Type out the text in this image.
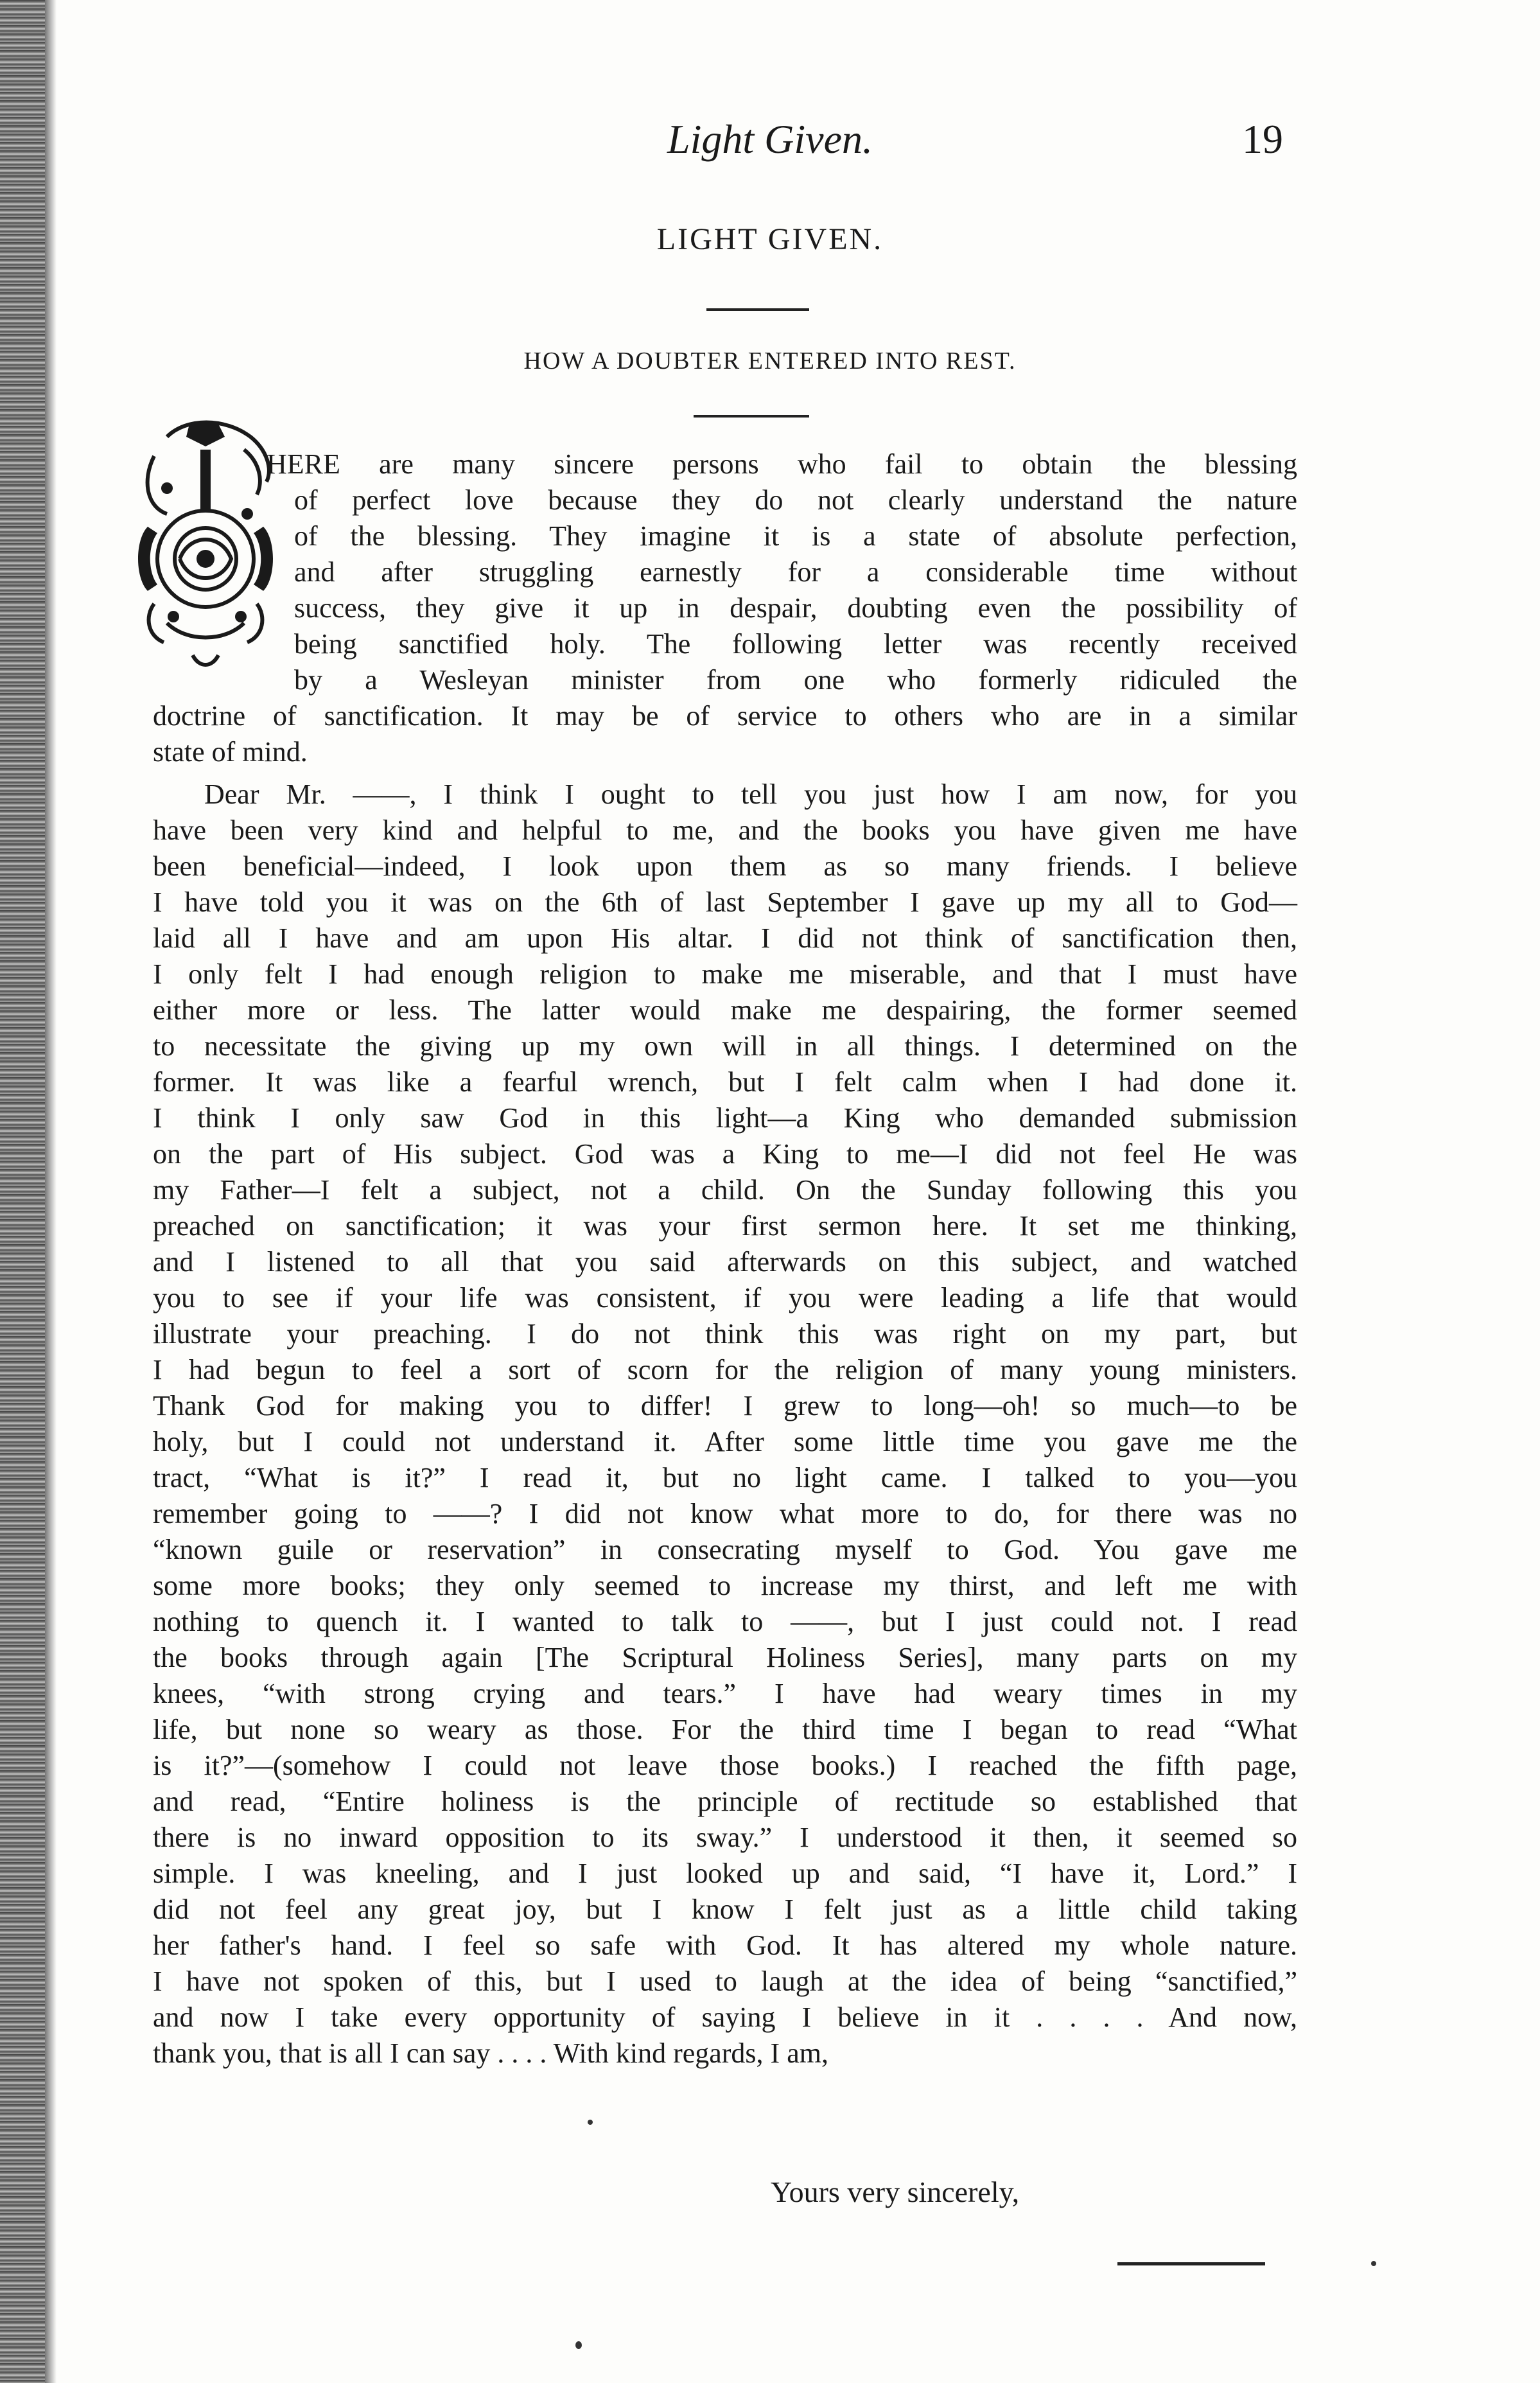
Light Given.	19
LIGHT GIVEN.
HOW A DOUBTER ENTERED INTO REST.
HERE are many sincere persons who fail to obtain the blessing
of perfect love because they do not clearly understand the nature
of the blessing. They imagine it is a state of absolute perfection,
and after struggling earnestly for a considerable time without
success, they give it up in despair, doubting even the possibility of
being sanctified holy. The following letter was recently received
by a Wesleyan minister from one who formerly ridiculed the
doctrine of sanctification. It may be of service to others who are in a similar
state of mind.
Dear Mr. ——, I think I ought to tell you just how I am now, for you
have been very kind and helpful to me, and the books you have given me have
been beneficial—indeed, I look upon them as so many friends. I believe
I have told you it was on the 6th of last September I gave up my all to God—
laid all I have and am upon His altar. I did not think of sanctification then,
I only felt I had enough religion to make me miserable, and that I must have
either more or less. The latter would make me despairing, the former seemed
to necessitate the giving up my own will in all things. I determined on the
former. It was like a fearful wrench, but I felt calm when I had done it.
I think I only saw God in this light—a King who demanded submission
on the part of His subject. God was a King to me—I did not feel He was
my Father—I felt a subject, not a child. On the Sunday following this you
preached on sanctification; it was your first sermon here. It set me thinking,
and I listened to all that you said afterwards on this subject, and watched
you to see if your life was consistent, if you were leading a life that would
illustrate your preaching. I do not think this was right on my part, but
I had begun to feel a sort of scorn for the religion of many young ministers.
Thank God for making you to differ! I grew to long—oh! so much—to be
holy, but I could not understand it. After some little time you gave me the
tract, “What is it?” I read it, but no light came. I talked to you—you
remember going to ——? I did not know what more to do, for there was no
“known guile or reservation” in consecrating myself to God. You gave me
some more books; they only seemed to increase my thirst, and left me with
nothing to quench it. I wanted to talk to ——, but I just could not. I read
the books through again [The Scriptural Holiness Series], many parts on my
knees, “with strong crying and tears.” I have had weary times in my
life, but none so weary as those. For the third time I began to read “What
is it?”—(somehow I could not leave those books.) I reached the fifth page,
and read, “Entire holiness is the principle of rectitude so established that
there is no inward opposition to its sway.” I understood it then, it seemed so
simple. I was kneeling, and I just looked up and said, “I have it, Lord.” I
did not feel any great joy, but I know I felt just as a little child taking
her father's hand. I feel so safe with God. It has altered my whole nature.
I have not spoken of this, but I used to laugh at the idea of being “sanctified,”
and now I take every opportunity of saying I believe in it . . . . And now,
thank you, that is all I can say . . . . With kind regards, I am,
Yours very sincerely,
